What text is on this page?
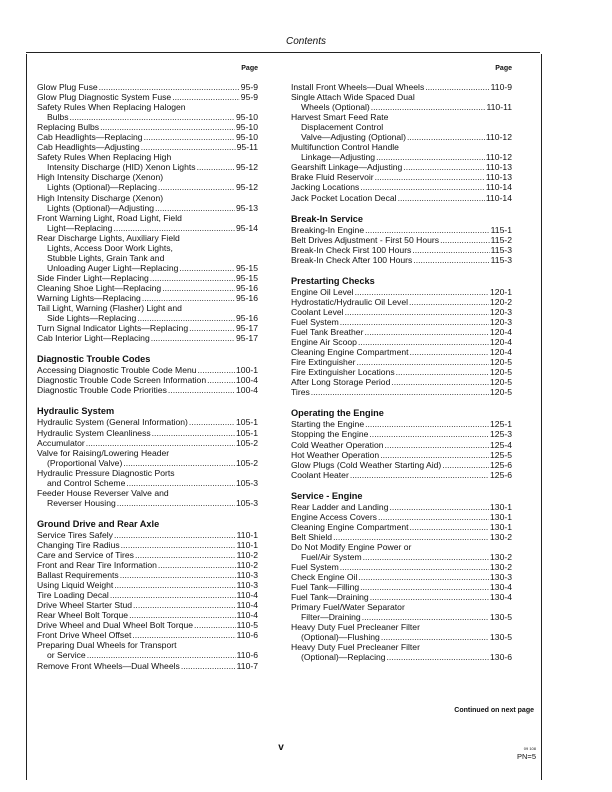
Contents
Page
Glow Plug Fuse .....	95-9
Glow Plug Diagnostic System Fuse .....	95-9
Safety Rules When Replacing Halogen
Bulbs .....	95-10
Replacing Bulbs .....	95-10
Cab Headlights—Replacing .....	95-10
Cab Headlights—Adjusting .....	95-11
Safety Rules When Replacing High
Intensity Discharge (HID) Xenon Lights .....	95-12
High Intensity Discharge (Xenon)
Lights (Optional)—Replacing .....	95-12
High Intensity Discharge (Xenon)
Lights (Optional)—Adjusting .....	95-13
Front Warning Light, Road Light, Field
Light—Replacing .....	95-14
Rear Discharge Lights, Auxiliary Field
Lights, Access Door Work Lights,
Stubble Lights, Grain Tank and
Unloading Auger Light—Replacing .....	95-15
Side Finder Light—Replacing .....	95-15
Cleaning Shoe Light—Replacing .....	95-16
Warning Lights—Replacing .....	95-16
Tail Light, Warning (Flasher) Light and
Side Lights—Replacing .....	95-16
Turn Signal Indicator Lights—Replacing .....	95-17
Cab Interior Light—Replacing .....	95-17
Diagnostic Trouble Codes
Accessing Diagnostic Trouble Code Menu .....	100-1
Diagnostic Trouble Code Screen Information .....	100-4
Diagnostic Trouble Code Priorities .....	100-4
Hydraulic System
Hydraulic System (General Information) .....	105-1
Hydraulic System Cleanliness .....	105-1
Accumulator .....	105-2
Valve for Raising/Lowering Header
(Proportional Valve) .....	105-2
Hydraulic Pressure Diagnostic Ports
and Control Scheme .....	105-3
Feeder House Reverser Valve and
Reverser Housing .....	105-3
Ground Drive and Rear Axle
Service Tires Safely .....	110-1
Changing Tire Radius .....	110-1
Care and Service of Tires .....	110-2
Front and Rear Tire Information .....	110-2
Ballast Requirements .....	110-3
Using Liquid Weight .....	110-3
Tire Loading Decal .....	110-4
Drive Wheel Starter Stud .....	110-4
Rear Wheel Bolt Torque .....	110-4
Drive Wheel and Dual Wheel Bolt Torque .....	110-5
Front Drive Wheel Offset .....	110-6
Preparing Dual Wheels for Transport
or Service .....	110-6
Remove Front Wheels—Dual Wheels .....	110-7
Page
Install Front Wheels—Dual Wheels .....	110-9
Single Attach Wide Spaced Dual
Wheels (Optional) .....	110-11
Harvest Smart Feed Rate
Displacement Control
Valve—Adjusting (Optional) .....	110-12
Multifunction Control Handle
Linkage—Adjusting .....	110-12
Gearshift Linkage—Adjusting .....	110-13
Brake Fluid Reservoir .....	110-13
Jacking Locations .....	110-14
Jack Pocket Location Decal .....	110-14
Break-In Service
Breaking-In Engine .....	115-1
Belt Drives Adjustment - First 50 Hours .....	115-2
Break-In Check First 100 Hours .....	115-3
Break-In Check After 100 Hours .....	115-3
Prestarting Checks
Engine Oil Level .....	120-1
Hydrostatic/Hydraulic Oil Level .....	120-2
Coolant Level .....	120-3
Fuel System .....	120-3
Fuel Tank Breather .....	120-4
Engine Air Scoop .....	120-4
Cleaning Engine Compartment .....	120-4
Fire Extinguisher .....	120-5
Fire Extinguisher Locations .....	120-5
After Long Storage Period .....	120-5
Tires .....	120-5
Operating the Engine
Starting the Engine .....	125-1
Stopping the Engine .....	125-3
Cold Weather Operation .....	125-4
Hot Weather Operation .....	125-5
Glow Plugs (Cold Weather Starting Aid) .....	125-6
Coolant Heater .....	125-6
Service - Engine
Rear Ladder and Landing .....	130-1
Engine Access Covers .....	130-1
Cleaning Engine Compartment .....	130-1
Belt Shield .....	130-2
Do Not Modify Engine Power or
Fuel/Air System .....	130-2
Fuel System .....	130-2
Check Engine Oil .....	130-3
Fuel Tank—Filling .....	130-4
Fuel Tank—Draining .....	130-4
Primary Fuel/Water Separator
Filter—Draining .....	130-5
Heavy Duty Fuel Precleaner Filter
(Optional)—Flushing .....	130-5
Heavy Duty Fuel Precleaner Filter
(Optional)—Replacing .....	130-6
Continued on next page
v	09 108
PN=5
